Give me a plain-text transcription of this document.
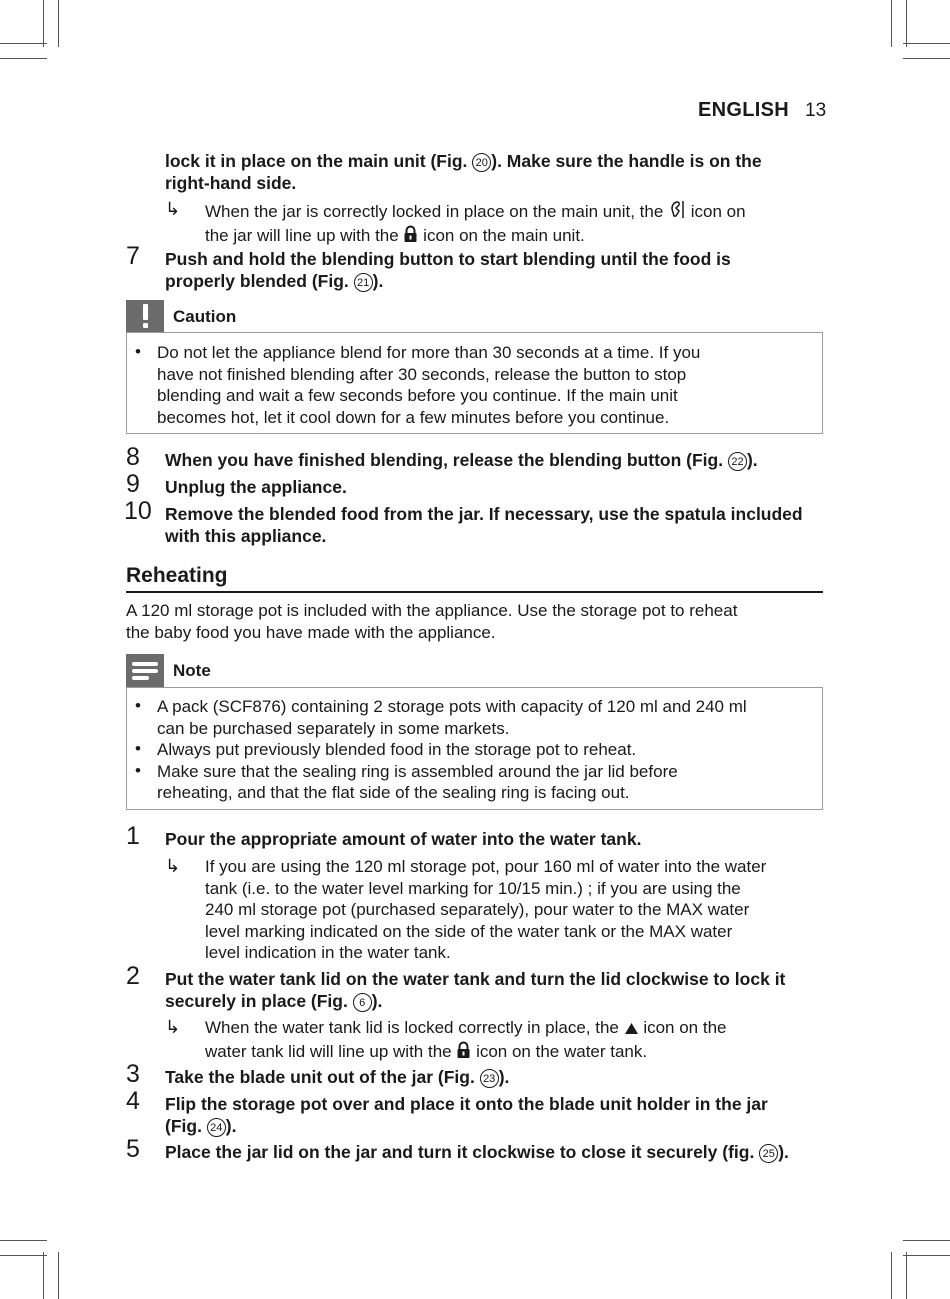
ENGLISH 13
lock it in place on the main unit (Fig. 20 ). Make sure the handle is on the
right-hand side.
↳ When the jar is correctly locked in place on the main unit, the  icon on
the jar will line up with the  icon on the main unit.
7 Push and hold the blending button to start blending until the food is
properly blended (Fig. 21 ).
Caution
• Do not let the appliance blend for more than 30 seconds at a time. If you
have not finished blending after 30 seconds, release the button to stop
blending and wait a few seconds before you continue. If the main unit
becomes hot, let it cool down for a few minutes before you continue.
8 When you have finished blending, release the blending button (Fig. 22 ).
9 Unplug the appliance.
10 Remove the blended food from the jar. If necessary, use the spatula included
with this appliance.
Reheating
A 120 ml storage pot is included with the appliance. Use the storage pot to reheat
the baby food you have made with the appliance.
Note
•
•
•
A pack (SCF876) containing 2 storage pots with capacity of 120 ml and 240 ml
can be purchased separately in some markets.
Always put previously blended food in the storage pot to reheat.
Make sure that the sealing ring is assembled around the jar lid before
reheating, and that the flat side of the sealing ring is facing out.
1 Pour the appropriate amount of water into the water tank.
↳ If you are using the 120 ml storage pot, pour 160 ml of water into the water
tank (i.e. to the water level marking for 10/15 min.) ; if you are using the
240 ml storage pot (purchased separately), pour water to the MAX water
level marking indicated on the side of the water tank or the MAX water
level indication in the water tank.
2 Put the water tank lid on the water tank and turn the lid clockwise to lock it
securely in place (Fig. 6 ).
↳ When the water tank lid is locked correctly in place, the  icon on the
water tank lid will line up with the  icon on the water tank.
3 Take the blade unit out of the jar (Fig. 23 ).
4 Flip the storage pot over and place it onto the blade unit holder in the jar
(Fig. 24 ).
5 Place the jar lid on the jar and turn it clockwise to close it securely (fig. 25 ).
